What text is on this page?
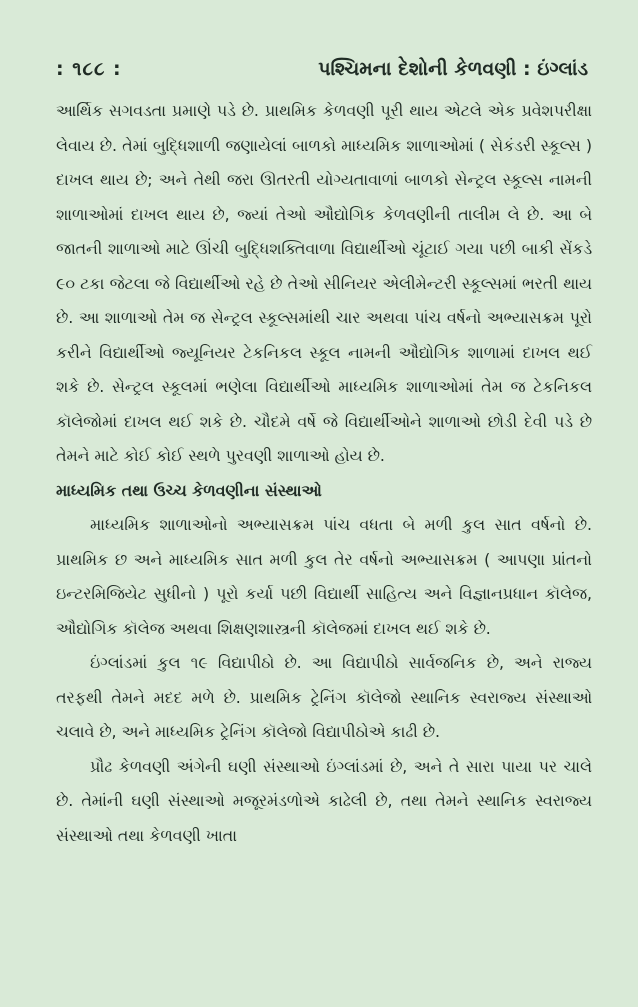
: ૧૮૮ :	પશ્ચિમના દેશોની કેળવણી : ઇંગ્લાંડ

આર્થિક સગવડતા પ્રમાણે પડે છે. પ્રાથમિક કેળવણી પૂરી થાય એટલે એક પ્રવેશપરીક્ષા લેવાય છે. તેમાં બુદ્ધિશાળી જણાયેલાં બાળકો માધ્યમિક શાળાઓમાં ( સેકંડરી સ્કૂલ્સ ) દાખલ થાય છે; અને તેથી જરા ઊતરતી યોગ્યતાવાળાં બાળકો સેન્ટ્રલ સ્કૂલ્સ નામની શાળાઓમાં દાખલ થાય છે, જ્યાં તેઓ ઔદ્યોગિક કેળવણીની તાલીમ લે છે. આ બે જાતની શાળાઓ માટે ઊંચી બુદ્ધિશક્તિવાળા વિદ્યાર્થીઓ ચૂંટાઈ ગયા પછી બાકી સેંકડે ૯૦ ટકા જેટલા જે વિદ્યાર્થીઓ રહે છે તેઓ સીનિયર એલીમેન્ટરી સ્કૂલ્સમાં ભરતી થાય છે. આ શાળાઓ તેમ જ સેન્ટ્રલ સ્કૂલ્સમાંથી ચાર અથવા પાંચ વર્ષનો અભ્યાસક્રમ પૂરો કરીને વિદ્યાર્થીઓ જ્યૂનિયર ટેકનિકલ સ્કૂલ નામની ઔદ્યોગિક શાળામાં દાખલ થઈ શકે છે. સેન્ટ્રલ સ્કૂલમાં ભણેલા વિદ્યાર્થીઓ માધ્યમિક શાળાઓમાં તેમ જ ટેકનિકલ કૉલેજોમાં દાખલ થઈ શકે છે. ચૌદમે વર્ષે જે વિદ્યાર્થીઓને શાળાઓ છોડી દેવી પડે છે તેમને માટે કોઈ કોઈ સ્થળે પુરવણી શાળાઓ હોય છે.

માધ્યમિક તથા ઉચ્ચ કેળવણીના સંસ્થાઓ

માધ્યમિક શાળાઓનો અભ્યાસક્રમ પાંચ વધતા બે મળી કુલ સાત વર્ષનો છે. પ્રાથમિક છ અને માધ્યમિક સાત મળી કુલ તેર વર્ષનો અભ્યાસક્રમ ( આપણા પ્રાંતનો ઇન્ટરમિજિયેટ સુધીનો ) પૂરો કર્યા પછી વિદ્યાર્થી સાહિત્ય અને વિજ્ઞાનપ્રધાન કૉલેજ, ઔદ્યોગિક કૉલેજ અથવા શિક્ષણશાસ્ત્રની કૉલેજમાં દાખલ થઈ શકે છે.

ઇંગ્લાંડમાં કુલ ૧૯ વિદ્યાપીઠો છે. આ વિદ્યાપીઠો સાર્વજનિક છે, અને રાજ્ય તરફથી તેમને મદદ મળે છે. પ્રાથમિક ટ્રેનિંગ કૉલેજો સ્થાનિક સ્વરાજ્ય સંસ્થાઓ ચલાવે છે, અને માધ્યમિક ટ્રેનિંગ કૉલેજો વિદ્યાપીઠોએ કાઢી છે.

પ્રૌઢ કેળવણી અંગેની ઘણી સંસ્થાઓ ઇંગ્લાંડમાં છે, અને તે સારા પાયા પર ચાલે છે. તેમાંની ઘણી સંસ્થાઓ મજૂરમંડળોએ કાઢેલી છે, તથા તેમને સ્થાનિક સ્વરાજ્ય સંસ્થાઓ તથા કેળવણી ખાતા
